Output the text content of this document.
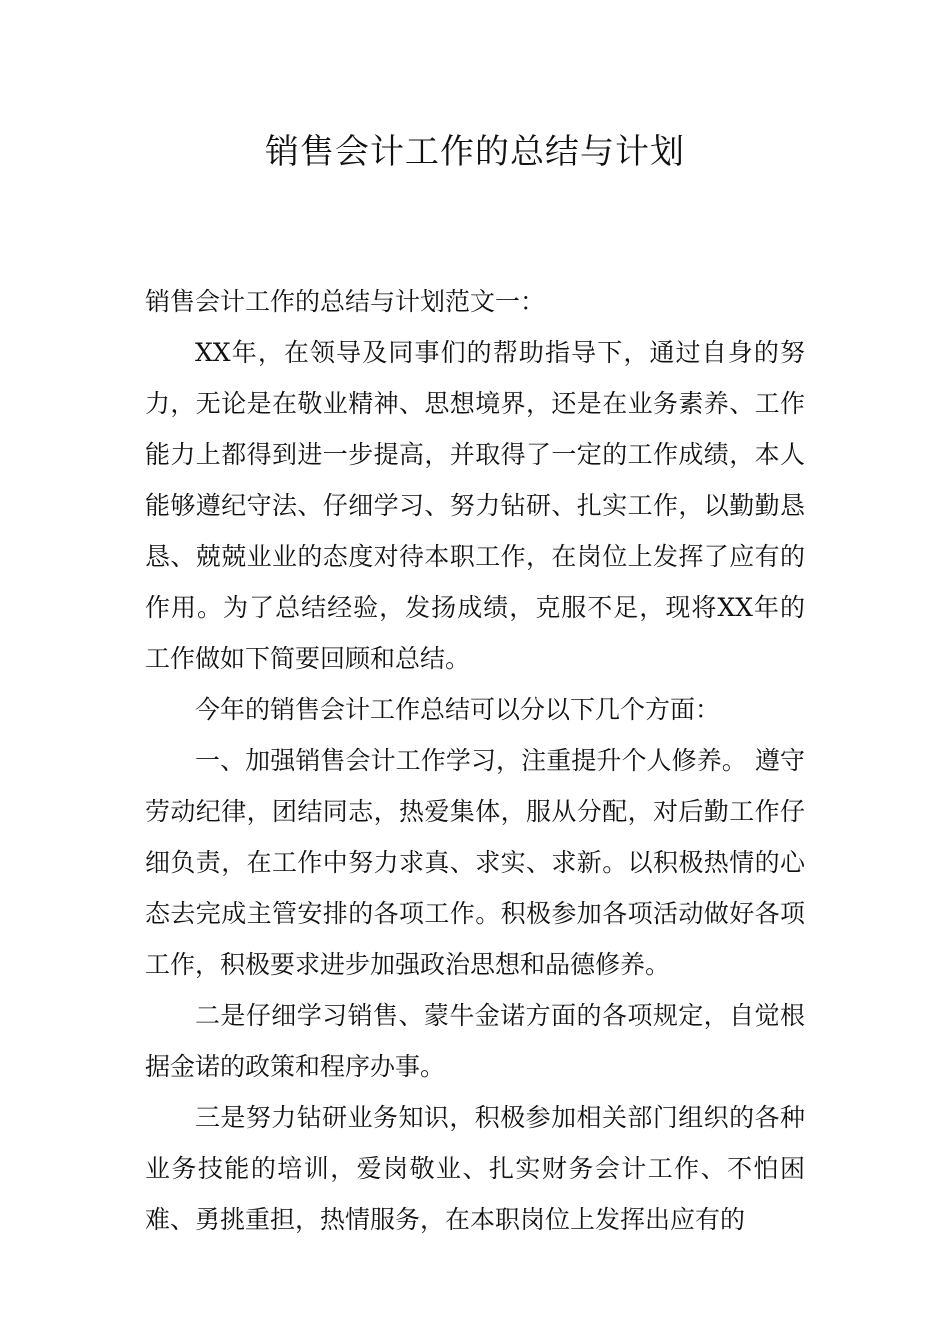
销售会计工作的总结与计划

销售会计工作的总结与计划范文一：

XX年，在领导及同事们的帮助指导下，通过自身的努力，无论是在敬业精神、思想境界，还是在业务素养、工作能力上都得到进一步提高，并取得了一定的工作成绩，本人能够遵纪守法、仔细学习、努力钻研、扎实工作，以勤勤恳恳、兢兢业业的态度对待本职工作，在岗位上发挥了应有的作用。为了总结经验，发扬成绩，克服不足，现将XX年的工作做如下简要回顾和总结。

今年的销售会计工作总结可以分以下几个方面：

一、加强销售会计工作学习，注重提升个人修养。 遵守劳动纪律，团结同志，热爱集体，服从分配，对后勤工作仔细负责，在工作中努力求真、求实、求新。以积极热情的心态去完成主管安排的各项工作。积极参加各项活动做好各项工作，积极要求进步加强政治思想和品德修养。

二是仔细学习销售、蒙牛金诺方面的各项规定，自觉根据金诺的政策和程序办事。

三是努力钻研业务知识，积极参加相关部门组织的各种业务技能的培训，爱岗敬业、扎实财务会计工作、不怕困难、勇挑重担，热情服务，在本职岗位上发挥出应有的
